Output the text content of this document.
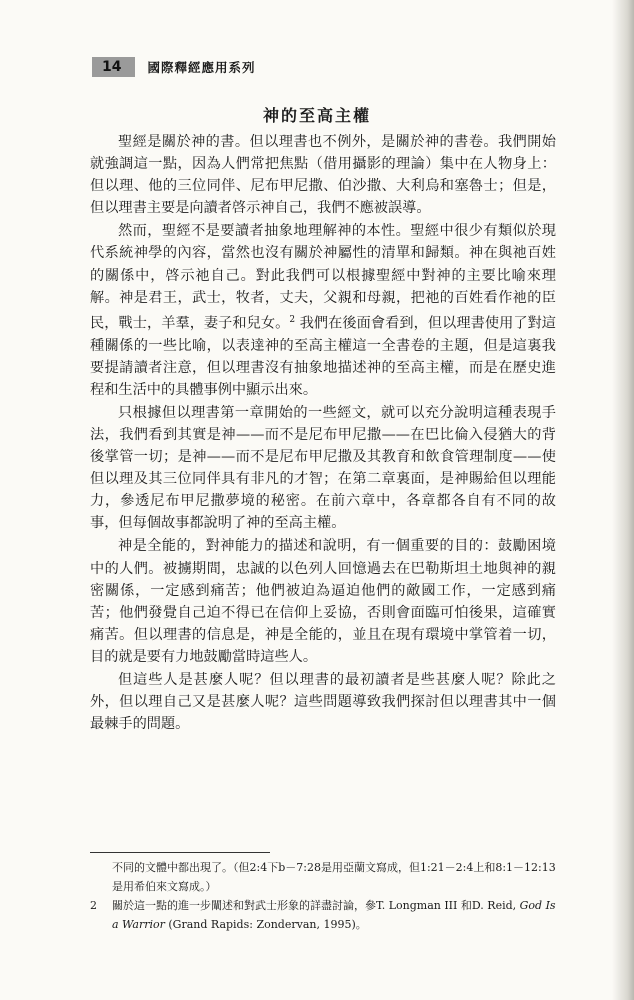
14	國際釋經應用系列
神的至高主權

聖經是關於神的書。但以理書也不例外，是關於神的書卷。我們開始就強調這一點，因為人們常把焦點（借用攝影的理論）集中在人物身上：但以理、他的三位同伴、尼布甲尼撒、伯沙撒、大利烏和塞魯士；但是，但以理書主要是向讀者啓示神自己，我們不應被誤導。

然而，聖經不是要讀者抽象地理解神的本性。聖經中很少有類似於現代系統神學的內容，當然也沒有關於神屬性的清單和歸類。神在與祂百姓的關係中，啓示祂自己。對此我們可以根據聖經中對神的主要比喻來理解。神是君王，武士，牧者，丈夫，父親和母親，把祂的百姓看作祂的臣民，戰士，羊羣，妻子和兒女。$^2$ 我們在後面會看到，但以理書使用了對這種關係的一些比喻，以表達神的至高主權這一全書卷的主題，但是這裏我要提請讀者注意，但以理書沒有抽象地描述神的至高主權，而是在歷史進程和生活中的具體事例中顯示出來。

只根據但以理書第一章開始的一些經文，就可以充分說明這種表現手法，我們看到其實是神——而不是尼布甲尼撒——在巴比倫入侵猶大的背後掌管一切；是神——而不是尼布甲尼撒及其教育和飲食管理制度——使但以理及其三位同伴具有非凡的才智；在第二章裏面，是神賜給但以理能力，參透尼布甲尼撒夢境的秘密。在前六章中，各章都各自有不同的故事，但每個故事都說明了神的至高主權。

神是全能的，對神能力的描述和說明，有一個重要的目的：鼓勵困境中的人們。被擄期間，忠誠的以色列人回憶過去在巴勒斯坦土地與神的親密關係，一定感到痛苦；他們被迫為逼迫他們的敵國工作，一定感到痛苦；他們發覺自己迫不得已在信仰上妥協，否則會面臨可怕後果，這確實痛苦。但以理書的信息是，神是全能的，並且在現有環境中掌管着一切，目的就是要有力地鼓勵當時這些人。

但這些人是甚麼人呢？但以理書的最初讀者是些甚麼人呢？除此之外，但以理自己又是甚麼人呢？這些問題導致我們探討但以理書其中一個最棘手的問題。

不同的文體中都出現了。（但2:4下b－7:28是用亞蘭文寫成，但1:21－2:4上和8:1－12:13是用希伯來文寫成。）
2	關於這一點的進一步闡述和對武士形象的詳盡討論，參T. Longman III 和D. Reid, God Is a Warrior (Grand Rapids: Zondervan, 1995)。
